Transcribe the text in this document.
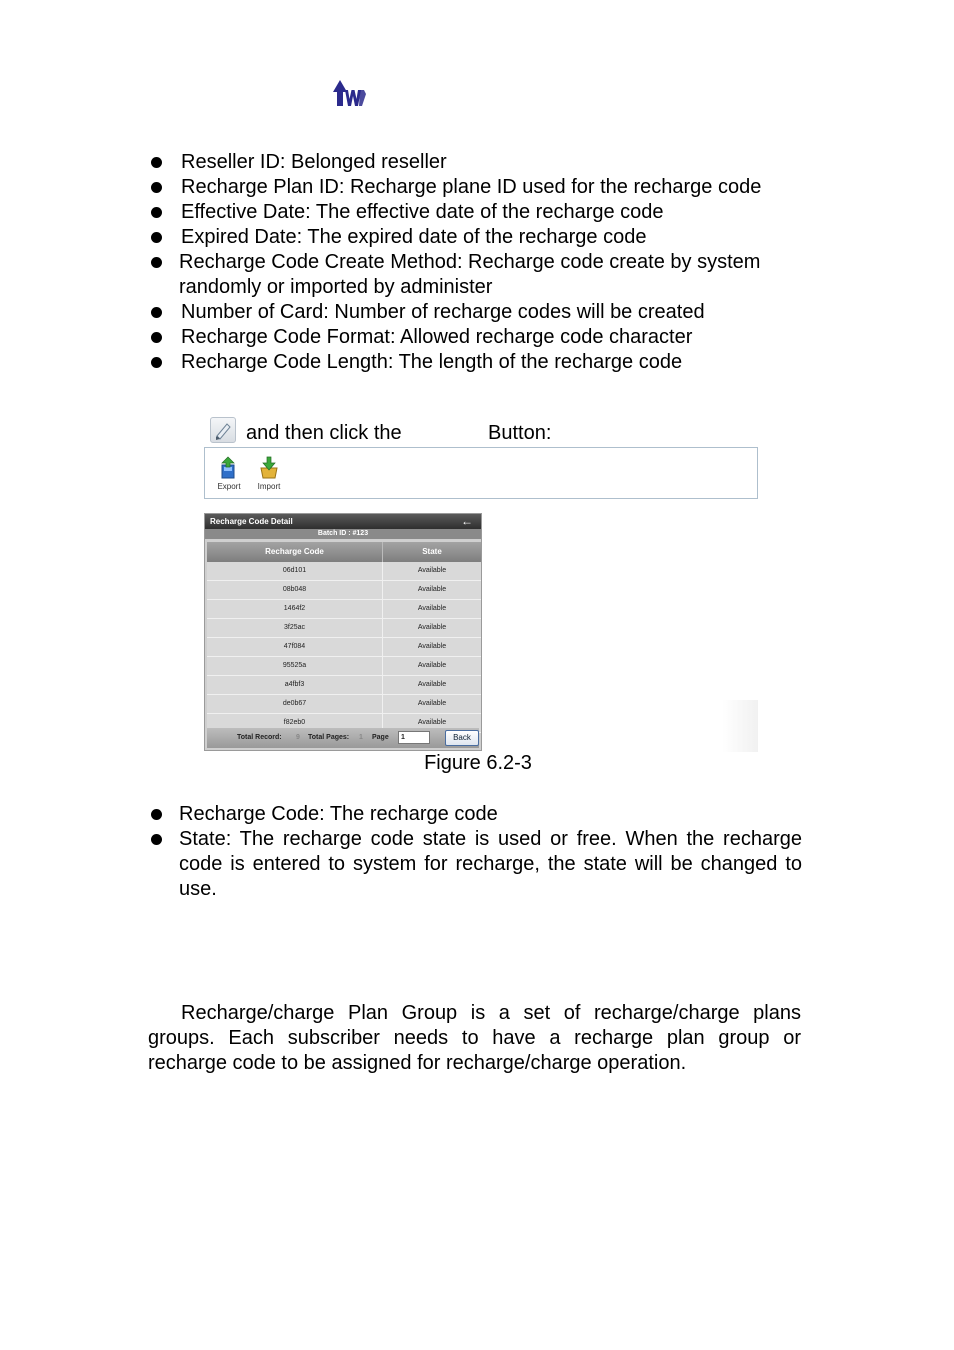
Reseller ID: Belonged reseller
Recharge Plan ID: Recharge plane ID used for the recharge code
Effective Date: The effective date of the recharge code
Expired Date: The expired date of the recharge code
Recharge Code Create Method: Recharge code create by system randomly or imported by administer
Number of Card: Number of recharge codes will be created
Recharge Code Format: Allowed recharge code character
Recharge Code Length: The length of the recharge code
and then click the	Button:
Export	Import
Recharge Code Detail	←
Batch ID : #123
Recharge Code	State
06d101	Available
08b048	Available
1464f2	Available
3f25ac	Available
47f084	Available
95525a	Available
a4fbf3	Available
de0b67	Available
f82eb0	Available
Total Record: 9 Total Pages: 1 Page	1	Back
Figure 6.2-3
Recharge Code: The recharge code
State: The recharge code state is used or free. When the recharge code is entered to system for recharge, the state will be changed to use.

Recharge/charge Plan Group is a set of recharge/charge plans groups. Each subscriber needs to have a recharge plan group or recharge code to be assigned for recharge/charge operation.
